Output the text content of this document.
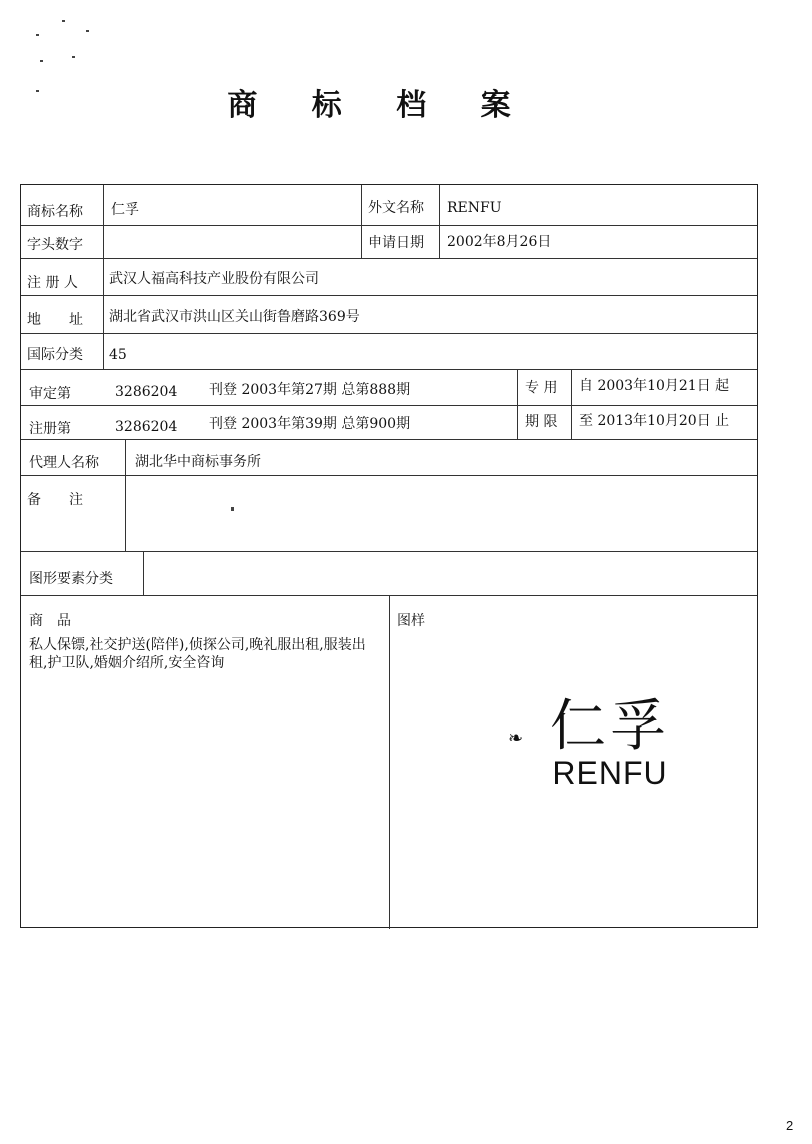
商 标 档 案
商标名称 仁孚	外文名称 RENFU
字头数字	申请日期 2002年8月26日
注 册 人 武汉人福高科技产业股份有限公司
地　　址 湖北省武汉市洪山区关山街鲁磨路369号
国际分类 45
审定第	3286204 刊登 2003年第27期 总第888期	专 用 自 2003年10月21日 起
注册第	3286204 刊登 2003年第39期 总第900期	期 限 至 2013年10月20日 止
代理人名称	湖北华中商标事务所
备　　注
图形要素分类
商　品
私人保镖,社交护送(陪伴),侦探公司,晚礼服出租,服装出租,护卫队,婚姻介绍所,安全咨询
图样
❧ 仁孚
RENFU
2
